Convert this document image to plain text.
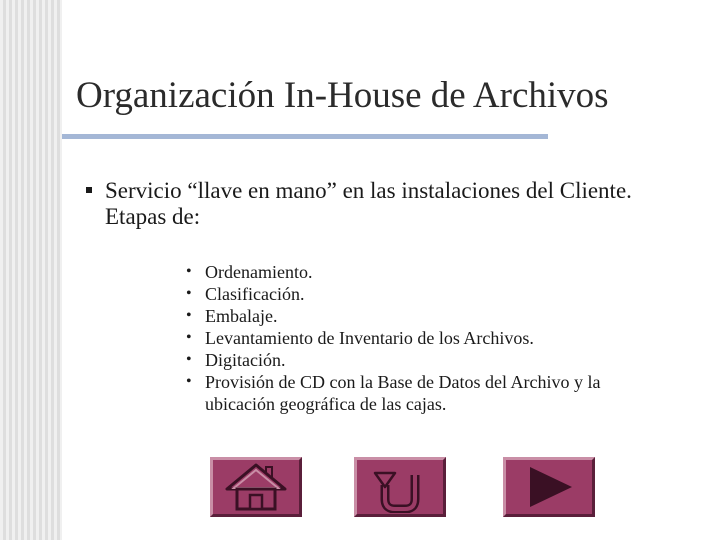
Organización In-House de Archivos
Servicio “llave en mano” en las instalaciones del Cliente. Etapas de:
• Ordenamiento.
• Clasificación.
• Embalaje.
• Levantamiento de Inventario de los Archivos.
• Digitación.
• Provisión de CD con la Base de Datos del Archivo y la ubicación geográfica de las cajas.
